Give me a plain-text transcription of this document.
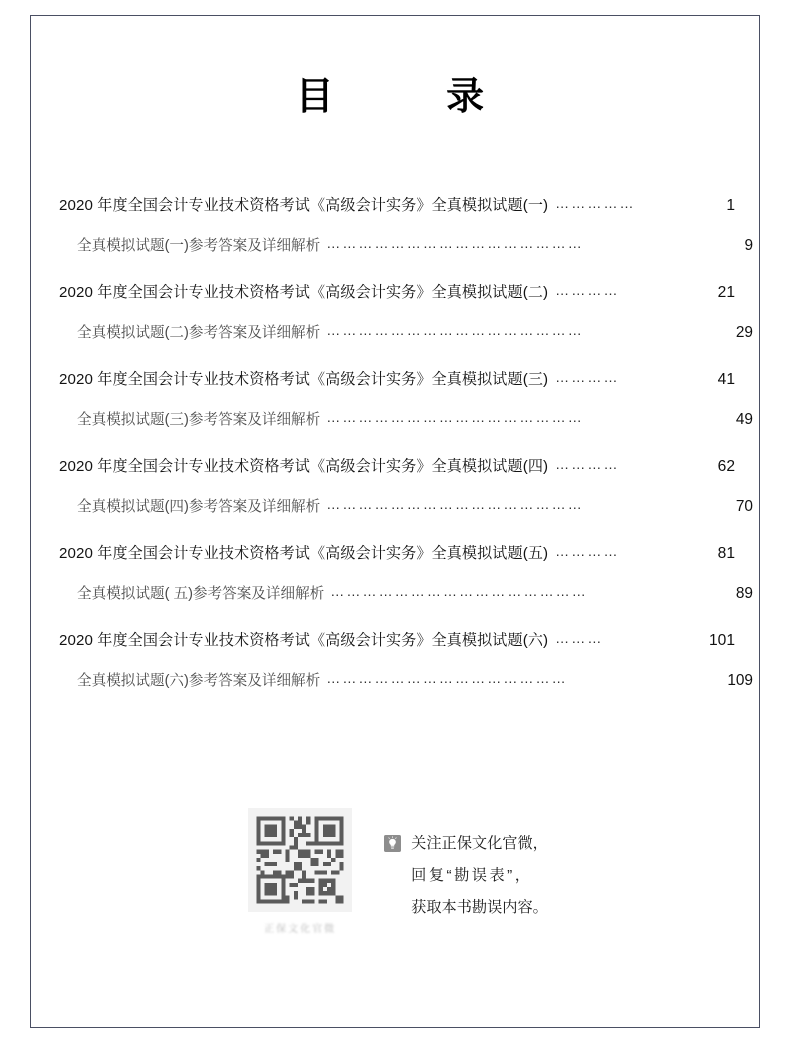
目　　录
2020 年度全国会计专业技术资格考试《高级会计实务》全真模拟试题(一) ……………	1
全真模拟试题(一)参考答案及详细解析 …………………………………………	9
2020 年度全国会计专业技术资格考试《高级会计实务》全真模拟试题(二) …………	21
全真模拟试题(二)参考答案及详细解析 …………………………………………	29
2020 年度全国会计专业技术资格考试《高级会计实务》全真模拟试题(三) …………	41
全真模拟试题(三)参考答案及详细解析 …………………………………………	49
2020 年度全国会计专业技术资格考试《高级会计实务》全真模拟试题(四) …………	62
全真模拟试题(四)参考答案及详细解析 …………………………………………	70
2020 年度全国会计专业技术资格考试《高级会计实务》全真模拟试题(五) …………	81
全真模拟试题( 五)参考答案及详细解析 …………………………………………	89
2020 年度全国会计专业技术资格考试《高级会计实务》全真模拟试题(六) ………	101
全真模拟试题(六)参考答案及详细解析 ………………………………………	109
正保文化官微
关注正保文化官微，
回复“勘误表”，
获取本书勘误内容。
